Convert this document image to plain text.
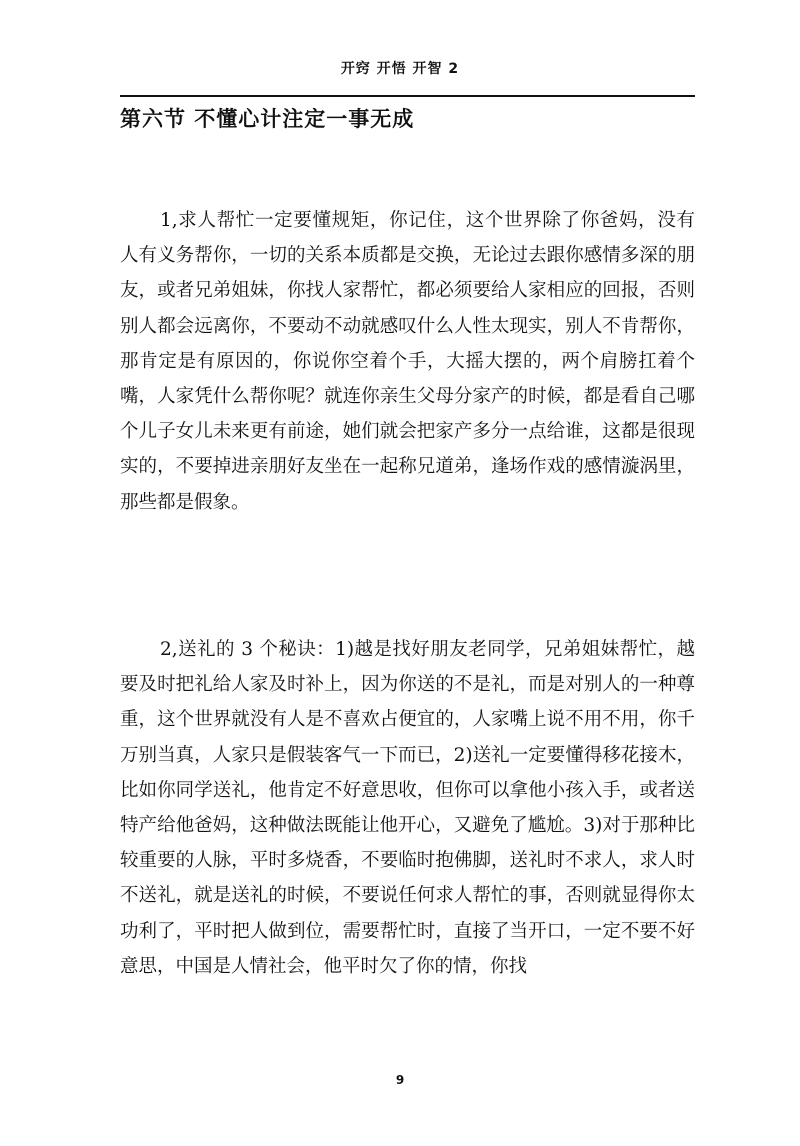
开窍 开悟 开智 2
第六节 不懂心计注定一事无成

1,求人帮忙一定要懂规矩，你记住，这个世界除了你爸妈，没有人有义务帮你，一切的关系本质都是交换，无论过去跟你感情多深的朋友，或者兄弟姐妹，你找人家帮忙，都必须要给人家相应的回报，否则别人都会远离你，不要动不动就感叹什么人性太现实，别人不肯帮你，那肯定是有原因的，你说你空着个手，大摇大摆的，两个肩膀扛着个嘴，人家凭什么帮你呢？就连你亲生父母分家产的时候，都是看自己哪个儿子女儿未来更有前途，她们就会把家产多分一点给谁，这都是很现实的，不要掉进亲朋好友坐在一起称兄道弟，逢场作戏的感情漩涡里，那些都是假象。

2,送礼的 3 个秘诀：1)越是找好朋友老同学，兄弟姐妹帮忙，越要及时把礼给人家及时补上，因为你送的不是礼，而是对别人的一种尊重，这个世界就没有人是不喜欢占便宜的，人家嘴上说不用不用，你千万别当真，人家只是假装客气一下而已，2)送礼一定要懂得移花接木，比如你同学送礼，他肯定不好意思收，但你可以拿他小孩入手，或者送特产给他爸妈，这种做法既能让他开心，又避免了尴尬。3)对于那种比较重要的人脉，平时多烧香，不要临时抱佛脚，送礼时不求人，求人时不送礼，就是送礼的时候，不要说任何求人帮忙的事，否则就显得你太功利了，平时把人做到位，需要帮忙时，直接了当开口，一定不要不好意思，中国是人情社会，他平时欠了你的情，你找

9
